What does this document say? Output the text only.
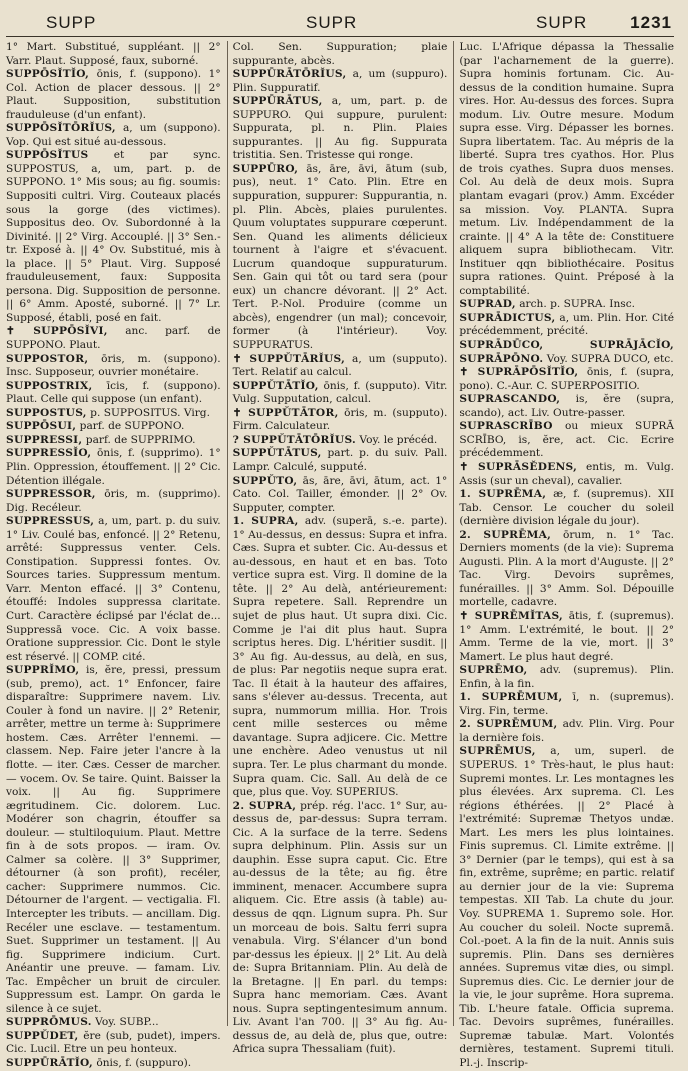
SUPP	SUPR	SUPR	1231

1° Mart. Substitué, suppléant. || 2° Varr. Plaut. Supposé, faux, suborné.

SUPPŌSĬTĬO, ōnis, f. (suppono). 1° Col. Action de placer dessous. || 2° Plaut. Supposition, substitution frauduleuse (d'un enfant).

SUPPŌSĬTŌRĬUS, a, um (suppono). Vop. Qui est situé au-dessous.

SUPPŌSĬTUS et par sync. SUPPOSTUS, a, um, part. p. de SUPPONO. 1° Mis sous; au fig. soumis: Suppositi cultri. Virg. Couteaux placés sous la gorge (des victimes). Suppositus deo. Ov. Subordonné à la Divinité. || 2° Virg. Accouplé. || 3° Sen.-tr. Exposé à. || 4° Ov. Substitué, mis à la place. || 5° Plaut. Virg. Supposé frauduleusement, faux: Supposita persona. Dig. Supposition de personne. || 6° Amm. Aposté, suborné. || 7° Lr. Supposé, établi, posé en fait.

✝ SUPPŌSĬVI, anc. parf. de SUPPONO. Plaut.

SUPPOSTOR, ōris, m. (suppono). Insc. Supposeur, ouvrier monétaire.

SUPPOSTRIX, īcis, f. (suppono). Plaut. Celle qui suppose (un enfant).

SUPPOSTUS, p. SUPPOSITUS. Virg.

SUPPŌSUI, parf. de SUPPONO.

SUPPRESSI, parf. de SUPPRIMO.

SUPPRESSĬO, ōnis, f. (supprimo). 1° Plin. Oppression, étouffement. || 2° Cic. Détention illégale.

SUPPRESSOR, ōris, m. (supprimo). Dig. Recéleur.

SUPPRESSUS, a, um, part. p. du suiv. 1° Liv. Coulé bas, enfoncé. || 2° Retenu, arrêté: Suppressus venter. Cels. Constipation. Suppressi fontes. Ov. Sources taries. Suppressum mentum. Varr. Menton effacé. || 3° Contenu, étouffé: Indoles suppressa claritate. Curt. Caractère éclipsé par l'éclat de... Suppressā voce. Cic. A voix basse. Oratione suppressior. Cic. Dont le style est réservé. || COMP. cité.

SUPPRĬMO, is, ĕre, pressi, pressum (sub, premo), act. 1° Enfoncer, faire disparaître: Supprimere navem. Liv. Couler à fond un navire. || 2° Retenir, arrêter, mettre un terme à: Supprimere hostem. Cæs. Arrêter l'ennemi. — classem. Nep. Faire jeter l'ancre à la flotte. — iter. Cæs. Cesser de marcher. — vocem. Ov. Se taire. Quint. Baisser la voix. || Au fig. Supprimere ægritudinem. Cic. dolorem. Luc. Modérer son chagrin, étouffer sa douleur. — stultiloquium. Plaut. Mettre fin à de sots propos. — iram. Ov. Calmer sa colère. || 3° Supprimer, détourner (à son profit), recéler, cacher: Supprimere nummos. Cic. Détourner de l'argent. — vectigalia. Fl. Intercepter les tributs. — ancillam. Dig. Recéler une esclave. — testamentum. Suet. Supprimer un testament. || Au fig. Supprimere indicium. Curt. Anéantir une preuve. — famam. Liv. Tac. Empêcher un bruit de circuler. Suppressum est. Lampr. On garda le silence à ce sujet.

SUPPRŌMUS. Voy. SUBP...

SUPPŬDET, ĕre (sub, pudet), impers. Cic. Lucil. Etre un peu honteux.

SUPPŪRĀTĬO, ōnis, f. (suppuro).

Col. Sen. Suppuration; plaie suppurante, abcès.

SUPPŪRĀTŌRĬUS, a, um (suppuro). Plin. Suppuratif.

SUPPŪRĀTUS, a, um, part. p. de SUPPURO. Qui suppure, purulent: Suppurata, pl. n. Plin. Plaies suppurantes. || Au fig. Suppurata tristitia. Sen. Tristesse qui ronge.

SUPPŪRO, ās, āre, āvi, ātum (sub, pus), neut. 1° Cato. Plin. Etre en suppuration, suppurer: Suppurantia, n. pl. Plin. Abcès, plaies purulentes. Quum voluptates suppurare cœperunt. Sen. Quand les aliments délicieux tournent à l'aigre et s'évacuent. Lucrum quandoque suppuraturum. Sen. Gain qui tôt ou tard sera (pour eux) un chancre dévorant. || 2° Act. Tert. P.-Nol. Produire (comme un abcès), engendrer (un mal); concevoir, former (à l'intérieur). Voy. SUPPURATUS.

✝ SUPPŬTĀRĬUS, a, um (supputo). Tert. Relatif au calcul.

SUPPŬTĀTĬO, ōnis, f. (supputo). Vitr. Vulg. Supputation, calcul.

✝ SUPPŬTĀTOR, ōris, m. (supputo). Firm. Calculateur.

? SUPPŬTĀTŌRĬUS. Voy. le précéd.

SUPPŬTĀTUS, part. p. du suiv. Pall. Lampr. Calculé, supputé.

SUPPŬTO, ās, āre, āvi, ātum, act. 1° Cato. Col. Tailler, émonder. || 2° Ov. Supputer, compter.

1. SUPRA, adv. (superā, s.-e. parte). 1° Au-dessus, en dessus: Supra et infra. Cæs. Supra et subter. Cic. Au-dessus et au-dessous, en haut et en bas. Toto vertice supra est. Virg. Il domine de la tête. || 2° Au delà, antérieurement: Supra repetere. Sall. Reprendre un sujet de plus haut. Ut supra dixi. Cic. Comme je l'ai dit plus haut. Supra scriptus heres. Dig. L'héritier susdit. || 3° Au fig. Au-dessus, au delà, en sus, de plus: Par negotiis neque supra erat. Tac. Il était à la hauteur des affaires, sans s'élever au-dessus. Trecenta, aut supra, nummorum millia. Hor. Trois cent mille sesterces ou même davantage. Supra adjicere. Cic. Mettre une enchère. Adeo venustus ut nil supra. Ter. Le plus charmant du monde. Supra quam. Cic. Sall. Au delà de ce que, plus que. Voy. SUPERIUS.

2. SUPRA, prép. rég. l'acc. 1° Sur, au-dessus de, par-dessus: Supra terram. Cic. A la surface de la terre. Sedens supra delphinum. Plin. Assis sur un dauphin. Esse supra caput. Cic. Etre au-dessus de la tête; au fig. être imminent, menacer. Accumbere supra aliquem. Cic. Etre assis (à table) au-dessus de qqn. Lignum supra. Ph. Sur un morceau de bois. Saltu ferri supra venabula. Virg. S'élancer d'un bond par-dessus les épieux. || 2° Lit. Au delà de: Supra Britanniam. Plin. Au delà de la Bretagne. || En parl. du temps: Supra hanc memoriam. Cæs. Avant nous. Supra septingentesimum annum. Liv. Avant l'an 700. || 3° Au fig. Au-dessus de, au delà de, plus que, outre: Africa supra Thessaliam (fuit).

Luc. L'Afrique dépassa la Thessalie (par l'acharnement de la guerre). Supra hominis fortunam. Cic. Au-dessus de la condition humaine. Supra vires. Hor. Au-dessus des forces. Supra modum. Liv. Outre mesure. Modum supra esse. Virg. Dépasser les bornes. Supra libertatem. Tac. Au mépris de la liberté. Supra tres cyathos. Hor. Plus de trois cyathes. Supra duos menses. Col. Au delà de deux mois. Supra plantam evagari (prov.) Amm. Excéder sa mission. Voy. PLANTA. Supra metum. Liv. Indépendamment de la crainte. || 4° A la tête de: Constituere aliquem supra bibliothecam. Vitr. Instituer qqn bibliothécaire. Positus supra rationes. Quint. Préposé à la comptabilité.

SUPRAD, arch. p. SUPRA. Insc.

SUPRĀDICTUS, a, um. Plin. Hor. Cité précédemment, précité.

SUPRĀDŪCO, SUPRĀJĀCĬO, SUPRĀPŌNO. Voy. SUPRA DUCO, etc.

✝ SUPRĀPŌSĬTĬO, ōnis, f. (supra, pono). C.-Aur. C. SUPERPOSITIO.

SUPRASCANDO, is, ĕre (supra, scando), act. Liv. Outre-passer.

SUPRASCRĪBO ou mieux SUPRĀ SCRĪBO, is, ĕre, act. Cic. Ecrire précédemment.

✝ SUPRĀSĔDENS, entis, m. Vulg. Assis (sur un cheval), cavalier.

1. SUPRĒMA, æ, f. (supremus). XII Tab. Censor. Le coucher du soleil (dernière division légale du jour).

2. SUPRĒMA, ōrum, n. 1° Tac. Derniers moments (de la vie): Suprema Augusti. Plin. A la mort d'Auguste. || 2° Tac. Virg. Devoirs suprêmes, funérailles. || 3° Amm. Sol. Dépouille mortelle, cadavre.

✝ SUPRĒMĬTAS, ātis, f. (supremus). 1° Amm. L'extrémité, le bout. || 2° Amm. Terme de la vie, mort. || 3° Mamert. Le plus haut degré.

SUPRĒMO, adv. (supremus). Plin. Enfin, à la fin.

1. SUPRĒMUM, ī, n. (supremus). Virg. Fin, terme.

2. SUPRĒMUM, adv. Plin. Virg. Pour la dernière fois.

SUPRĒMUS, a, um, superl. de SUPERUS. 1° Très-haut, le plus haut: Supremi montes. Lr. Les montagnes les plus élevées. Arx suprema. Cl. Les régions éthérées. || 2° Placé à l'extrémité: Supremæ Thetyos undæ. Mart. Les mers les plus lointaines. Finis supremus. Cl. Limite extrême. || 3° Dernier (par le temps), qui est à sa fin, extrême, suprême; en partic. relatif au dernier jour de la vie: Suprema tempestas. XII Tab. La chute du jour. Voy. SUPREMA 1. Supremo sole. Hor. Au coucher du soleil. Nocte supremā. Col.-poet. A la fin de la nuit. Annis suis supremis. Plin. Dans ses dernières années. Supremus vitæ dies, ou simpl. Supremus dies. Cic. Le dernier jour de la vie, le jour suprême. Hora suprema. Tib. L'heure fatale. Officia suprema. Tac. Devoirs suprêmes, funérailles. Supremæ tabulæ. Mart. Volontés dernières, testament. Supremi tituli. Pl.-j. Inscrip-
